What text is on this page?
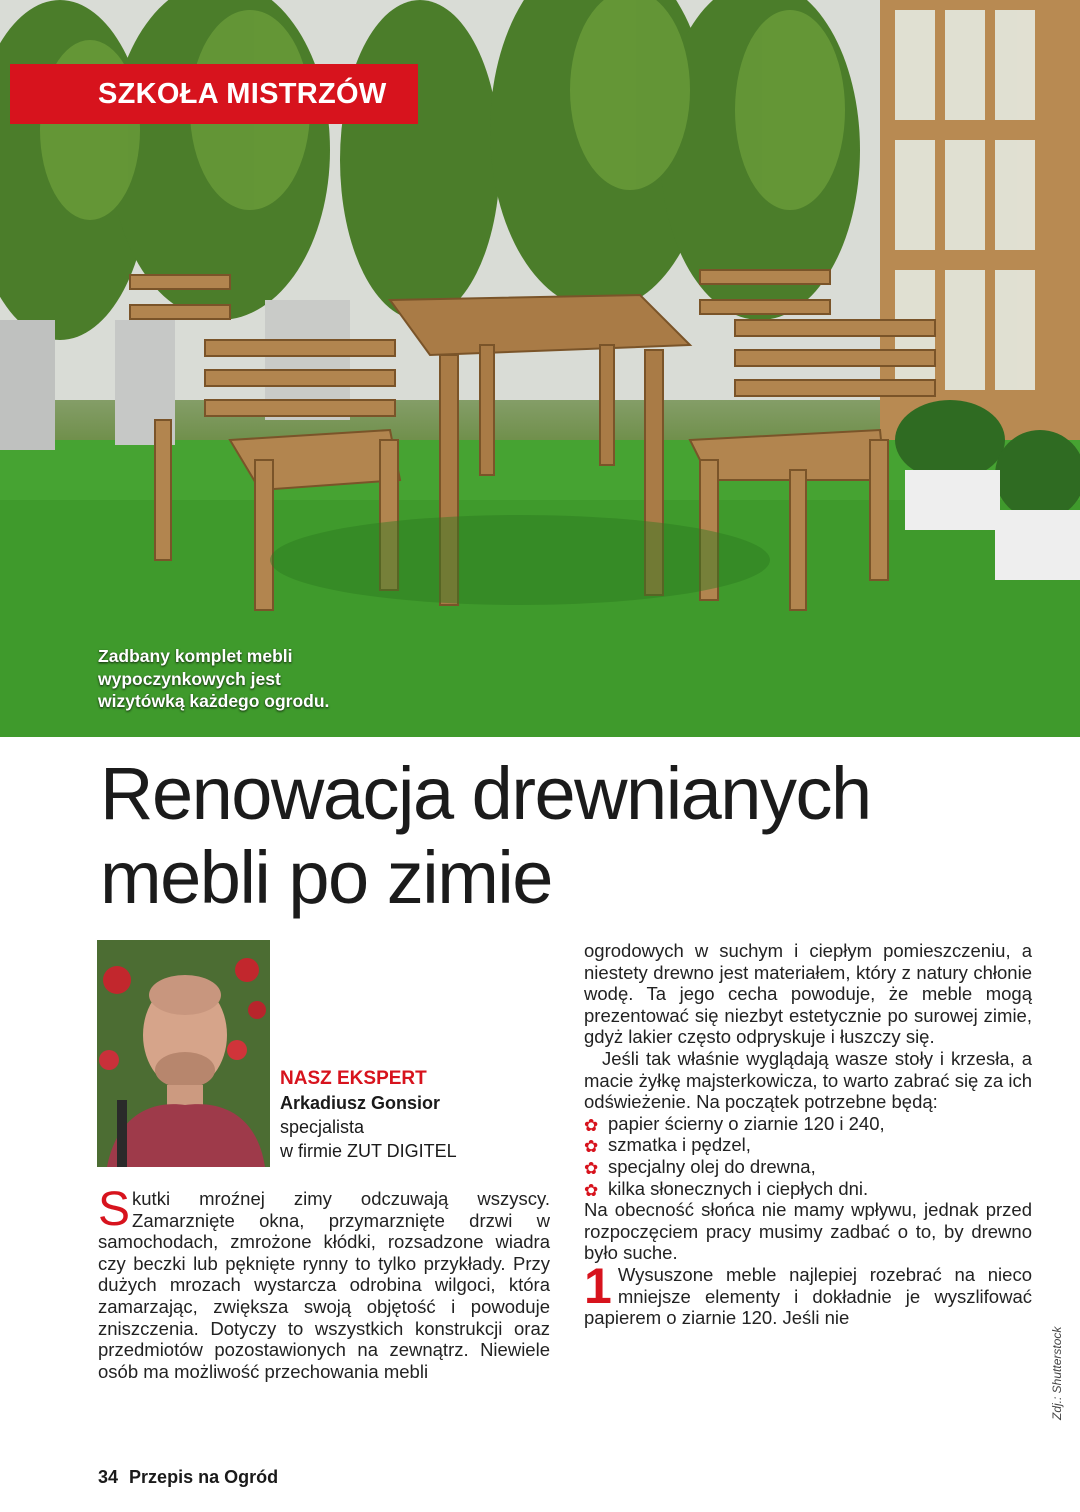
SZKOŁA MISTRZÓW
Zadbany komplet mebli wypoczynkowych jest wizytówką każdego ogrodu.
Renowacja drewnianych
mebli po zimie
NASZ EKSPERT
Arkadiusz Gonsior
specjalista
w firmie ZUT DIGITEL

Skutki mroźnej zimy odczuwają wszyscy. Zamarznięte okna, przymarznięte drzwi w samochodach, zmrożone kłódki, rozsadzone wiadra czy beczki lub pęknięte rynny to tylko przykłady. Przy dużych mrozach wystarcza odrobina wilgoci, która zamarzając, zwiększa swoją objętość i powoduje zniszczenia. Dotyczy to wszystkich konstrukcji oraz przedmiotów pozostawionych na zewnątrz. Niewiele osób ma możliwość przechowania mebli

ogrodowych w suchym i ciepłym pomieszczeniu, a niestety drewno jest materiałem, który z natury chłonie wodę. Ta jego cecha powoduje, że meble mogą prezentować się niezbyt estetycznie po surowej zimie, gdyż lakier często odpryskuje i łuszczy się.

Jeśli tak właśnie wyglądają wasze stoły i krzesła, a macie żyłkę majsterkowicza, to warto zabrać się za ich odświeżenie. Na początek potrzebne będą:

✿ papier ścierny o ziarnie 120 i 240,
✿ szmatka i pędzel,
✿ specjalny olej do drewna,
✿ kilka słonecznych i ciepłych dni.

Na obecność słońca nie mamy wpływu, jednak przed rozpoczęciem pracy musimy zadbać o to, by drewno było suche.

1 Wysuszone meble najlepiej rozebrać na nieco mniejsze elementy i dokładnie je wyszlifować papierem o ziarnie 120. Jeśli nie

34 Przepis na Ogród
Zdj.: Shutterstock
